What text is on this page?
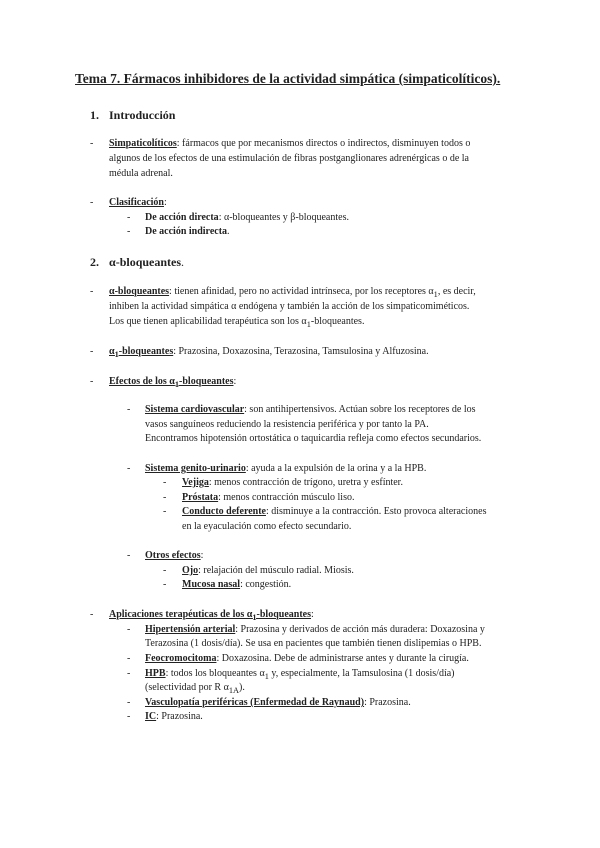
Tema 7. Fármacos inhibidores de la actividad simpática (simpaticolíticos).
1. Introducción
- Simpaticolíticos: fármacos que por mecanismos directos o indirectos, disminuyen todos o
algunos de los efectos de una estimulación de fibras postganglionares adrenérgicas o de la
médula adrenal.
- Clasificación:
- De acción directa: α-bloqueantes y β-bloqueantes.
- De acción indirecta.
2. α-bloqueantes.
- α-bloqueantes: tienen afinidad, pero no actividad intrínseca, por los receptores $\alpha_1$, es decir,
inhiben la actividad simpática α endógena y también la acción de los simpaticomiméticos.
Los que tienen aplicabilidad terapéutica son los $\alpha_1$-bloqueantes.
- $\alpha_1$-bloqueantes: Prazosina, Doxazosina, Terazosina, Tamsulosina y Alfuzosina.
- Efectos de los $\alpha_1$-bloqueantes:
- Sistema cardiovascular: son antihipertensivos. Actúan sobre los receptores de los
vasos sanguíneos reduciendo la resistencia periférica y por tanto la PA.
Encontramos hipotensión ortostática o taquicardia refleja como efectos secundarios.
- Sistema genito-urinario: ayuda a la expulsión de la orina y a la HPB.
- Vejiga: menos contracción de trígono, uretra y esfínter.
- Próstata: menos contracción músculo liso.
- Conducto deferente: disminuye a la contracción. Esto provoca alteraciones
en la eyaculación como efecto secundario.
- Otros efectos:
- Ojo: relajación del músculo radial. Miosis.
- Mucosa nasal: congestión.
- Aplicaciones terapéuticas de los $\alpha_1$-bloqueantes:
- Hipertensión arterial: Prazosina y derivados de acción más duradera: Doxazosina y
Terazosina (1 dosis/día). Se usa en pacientes que también tienen dislipemias o HPB.
- Feocromocitoma: Doxazosina. Debe de administrarse antes y durante la cirugía.
- HPB: todos los bloqueantes $\alpha_1$ y, especialmente, la Tamsulosina (1 dosis/día)
(selectividad por R $\alpha_{1A}$).
- Vasculopatía periféricas (Enfermedad de Raynaud): Prazosina.
- IC: Prazosina.
